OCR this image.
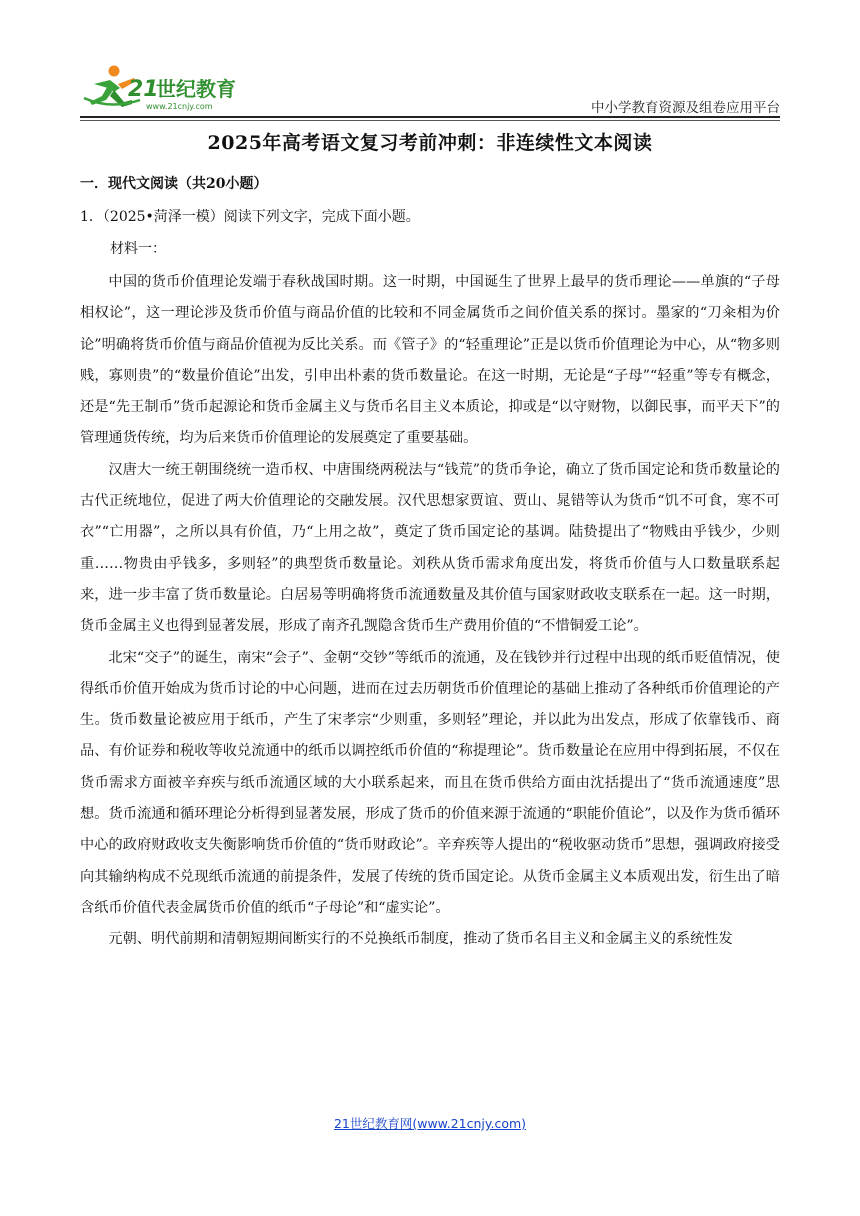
21
世纪教育
www.21cnjy.com	中小学教育资源及组卷应用平台
2025年高考语文复习考前冲刺：非连续性文本阅读
一．现代文阅读（共20小题）
1．（2025•菏泽一模）阅读下列文字，完成下面小题。
材料一：

中国的货币价值理论发端于春秋战国时期。这一时期，中国诞生了世界上最早的货币理论——单旗的“子母相权论”，这一理论涉及货币价值与商品价值的比较和不同金属货币之间价值关系的探讨。墨家的“刀籴相为价论”明确将货币价值与商品价值视为反比关系。而《管子》的“轻重理论”正是以货币价值理论为中心，从“物多则贱，寡则贵”的“数量价值论”出发，引申出朴素的货币数量论。在这一时期，无论是“子母”“轻重”等专有概念，还是“先王制币”货币起源论和货币金属主义与货币名目主义本质论，抑或是“以守财物，以御民事，而平天下”的管理通货传统，均为后来货币价值理论的发展奠定了重要基础。

汉唐大一统王朝围绕统一造币权、中唐围绕两税法与“钱荒”的货币争论，确立了货币国定论和货币数量论的古代正统地位，促进了两大价值理论的交融发展。汉代思想家贾谊、贾山、晁错等认为货币“饥不可食，寒不可衣”“亡用器”，之所以具有价值，乃“上用之故”，奠定了货币国定论的基调。陆贽提出了“物贱由乎钱少，少则重……物贵由乎钱多，多则轻”的典型货币数量论。刘秩从货币需求角度出发，将货币价值与人口数量联系起来，进一步丰富了货币数量论。白居易等明确将货币流通数量及其价值与国家财政收支联系在一起。这一时期，货币金属主义也得到显著发展，形成了南齐孔觊隐含货币生产费用价值的“不惜铜爱工论”。

北宋“交子”的诞生，南宋“会子”、金朝“交钞”等纸币的流通，及在钱钞并行过程中出现的纸币贬值情况，使得纸币价值开始成为货币讨论的中心问题，进而在过去历朝货币价值理论的基础上推动了各种纸币价值理论的产生。货币数量论被应用于纸币，产生了宋孝宗“少则重，多则轻”理论，并以此为出发点，形成了依靠钱币、商品、有价证券和税收等收兑流通中的纸币以调控纸币价值的“称提理论”。货币数量论在应用中得到拓展，不仅在货币需求方面被辛弃疾与纸币流通区域的大小联系起来，而且在货币供给方面由沈括提出了“货币流通速度”思想。货币流通和循环理论分析得到显著发展，形成了货币的价值来源于流通的“职能价值论”，以及作为货币循环中心的政府财政收支失衡影响货币价值的“货币财政论”。辛弃疾等人提出的“税收驱动货币”思想，强调政府接受向其输纳构成不兑现纸币流通的前提条件，发展了传统的货币国定论。从货币金属主义本质观出发，衍生出了暗含纸币价值代表金属货币价值的纸币“子母论”和“虚实论”。

元朝、明代前期和清朝短期间断实行的不兑换纸币制度，推动了货币名目主义和金属主义的系统性发

21世纪教育网(www.21cnjy.com)
